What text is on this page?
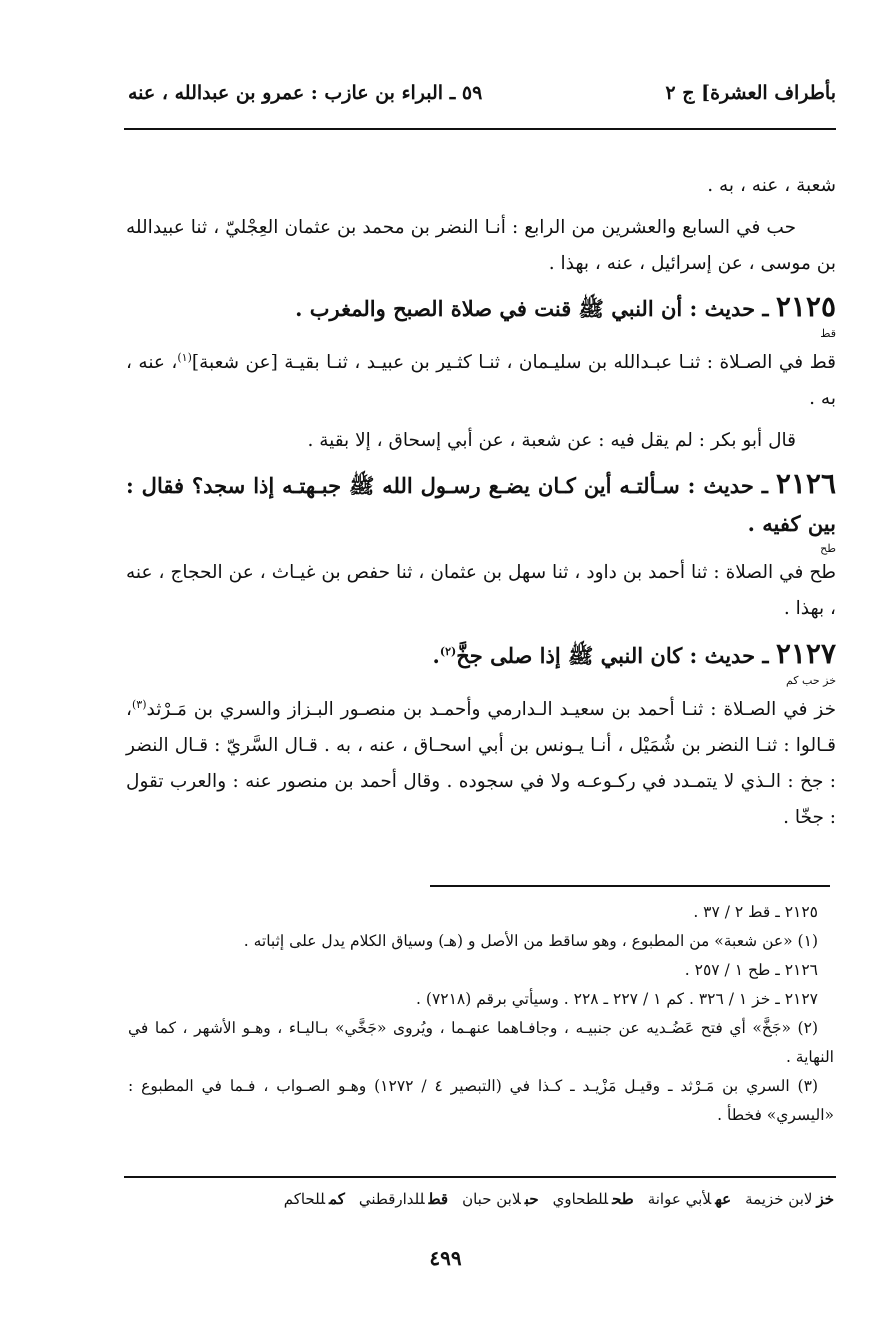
بأطراف العشرة] ج ٢
٥٩ ـ البراء بن عازب : عمرو بن عبدالله ، عنه

شعبة ، عنه ، به .

حب في السابع والعشرين من الرابع : أنـا النضر بن محمد بن عثمان العِجْليّ ، ثنا عبيدالله بن موسى ، عن إسرائيل ، عنه ، بهذا .

٢١٢٥ ـ حديث : أن النبي ﷺ قنت في صلاة الصبح والمغرب .

قط

قط في الصـلاة : ثنـا عبـدالله بن سليـمان ، ثنـا كثـير بن عبيـد ، ثنـا بقيـة [عن شعبة]$^{(١)}$، عنه ، به .

قال أبو بكر : لم يقل فيه : عن شعبة ، عن أبي إسحاق ، إلا بقية .

٢١٢٦ ـ حديث : سـألتـه أين كـان يضـع رسـول الله ﷺ جبـهتـه إذا سجد؟ فقال : بين كفيه .

طح

طح في الصلاة : ثنا أحمد بن داود ، ثنا سهل بن عثمان ، ثنا حفص بن غيـاث ، عن الحجاج ، عنه ، بهذا .

٢١٢٧ ـ حديث : كان النبي ﷺ إذا صلى جخَّ$^{(٢)}$.

خز حب كم

خز في الصـلاة : ثنـا أحمد بن سعيـد الـدارمي وأحمـد بن منصـور البـزاز والسري بن مَـرْثد$^{(٣)}$، قـالوا : ثنـا النضر بن شُمَيْل ، أنـا يـونس بن أبي اسحـاق ، عنه ، به . قـال السَّريّ : قـال النضر : جخ : الـذي لا يتمـدد في ركـوعـه ولا في سجوده . وقال أحمد بن منصور عنه : والعرب تقول : جخّا .

٢١٢٥ ـ قط ٢ / ٣٧ .

(١) «عن شعبة» من المطبوع ، وهو ساقط من الأصل و (هـ) وسياق الكلام يدل على إثباته .

٢١٢٦ ـ طح ١ / ٢٥٧ .

٢١٢٧ ـ خز ١ / ٣٢٦ . كم ١ / ٢٢٧ ـ ٢٢٨ . وسيأتي برقم (٧٢١٨) .

(٢) «جَخَّ» أي فتح عَضُـديه عن جنبيـه ، وجافـاهما عنهـما ، ويُروى «جَخَّي» بـاليـاء ، وهـو الأشهر ، كما في النهاية .

(٣) السري بن مَـرْثد ـ وقيـل مَزْيـد ـ كـذا في (التبصير ٤ / ١٢٧٢) وهـو الصـواب ، فـما في المطبوع : «اليسري» فخطأ .

خزلابن خزيمة
عهلأبي عوانة
طحللطحاوي
حبلابن حبان
قطللدارقطني
كمللحاكم
٤٩٩
